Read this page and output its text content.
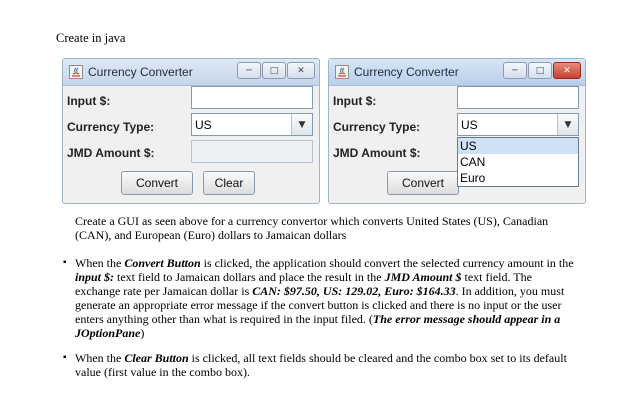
Create in java
Currency Converter	─	□	✕
Input $:
Currency Type:	US	▼
JMD Amount $:
Convert	Clear
Currency Converter	─	□	✕
Input $:
Currency Type:	US	▼
JMD Amount $:
Convert
US
CAN
Euro
Create a GUI as seen above for a currency convertor which converts United States (US), Canadian (CAN), and European (Euro) dollars to Jamaican dollars
▪ When the Convert Button is clicked, the application should convert the selected currency amount in the input $: text field to Jamaican dollars and place the result in the JMD Amount $ text field. The exchange rate per Jamaican dollar is CAN: $97.50, US: 129.02, Euro: $164.33. In addition, you must generate an appropriate error message if the convert button is clicked and there is no input or the user enters anything other than what is required in the input filed. (The error message should appear in a JOptionPane)
▪ When the Clear Button is clicked, all text fields should be cleared and the combo box set to its default value (first value in the combo box).
